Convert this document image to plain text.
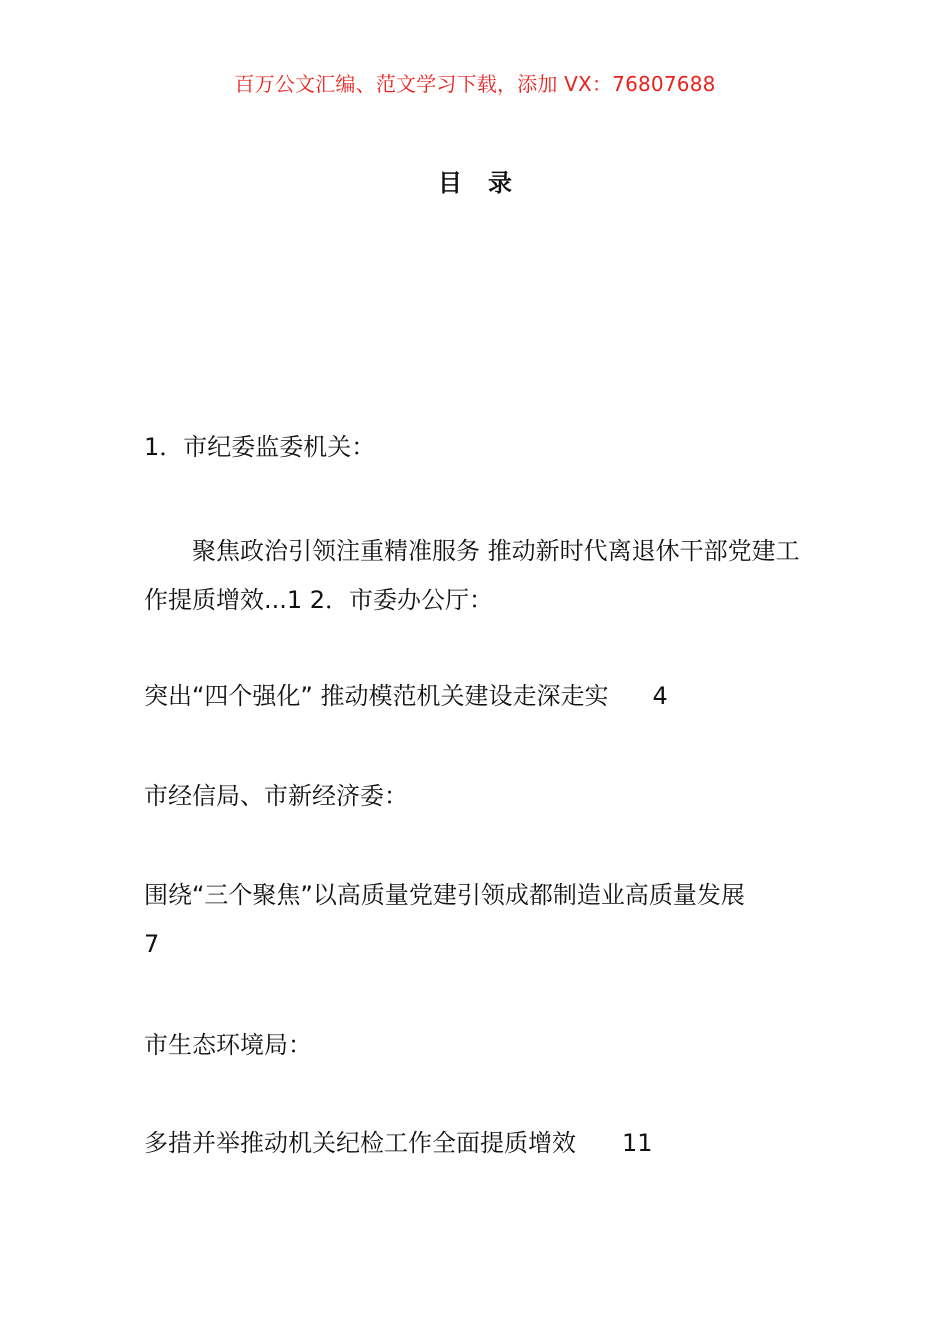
百万公文汇编、范文学习下载，添加 VX：76807688
目录
1．市纪委监委机关：
聚焦政治引领注重精准服务 推动新时代离退休干部党建工作提质增效...1 2．市委办公厅：
突出“四个强化” 推动模范机关建设走深走实 4
市经信局、市新经济委：
围绕“三个聚焦”以高质量党建引领成都制造业高质量发展
7
市生态环境局：
多措并举推动机关纪检工作全面提质增效 11
